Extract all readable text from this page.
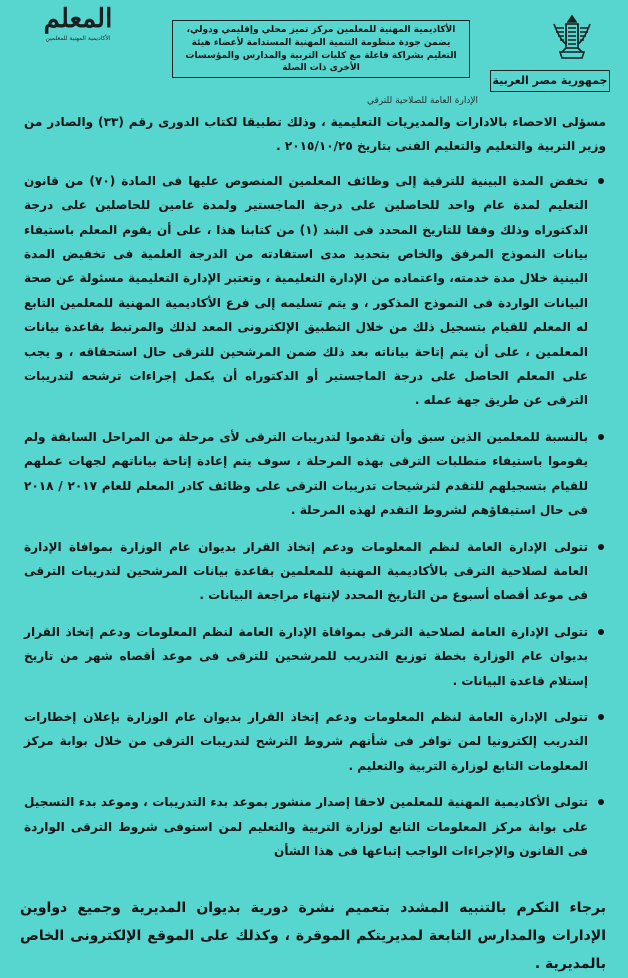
المعلم
الأكاديمية المهنية للمعلمين
الأكاديمية المهنية للمعلمين مركز تميز محلي وإقليمي ودولي، يضمن جودة منظومة التنمية المهنية المستدامة لأعضاء هيئة التعليم بشراكة فاعلة مع كليات التربية والمدارس والمؤسسات الأخرى ذات الصلة
جمهورية مصر العربية
الإدارة العامة للصلاحية للترقي

مسؤلى الاحصاء بالادارات والمديريات التعليمية ، وذلك تطبيقا لكتاب الدورى رقم (٣٣) والصادر من وزير التربية والتعليم والتعليم الفنى بتاريخ ٢٠١٥/١٠/٢٥ .

تخفض المدة البينية للترقية إلى وظائف المعلمين المنصوص عليها فى المادة (٧٠) من قانون التعليم لمدة عام واحد للحاصلين على درجة الماجستير ولمدة عامين للحاصلين على درجة الدكتوراه وذلك وفقا للتاريخ المحدد فى البند (١) من كتابنا هذا ، على أن يقوم المعلم باستيفاء بيانات النموذج المرفق والخاص بتحديد مدى استفادته من الدرجة العلمية فى تخفيض المدة البينية خلال مدة خدمته، واعتماده من الإدارة التعليمية ، وتعتبر الإدارة التعليمية مسئولة عن صحة البيانات الواردة فى النموذج المذكور ، و يتم تسليمه إلى فرع الأكاديمية المهنية للمعلمين التابع له المعلم للقيام بتسجيل ذلك من خلال التطبيق الإلكترونى المعد لذلك والمرتبط بقاعدة بيانات المعلمين ، على أن يتم إتاحة بياناته بعد ذلك ضمن المرشحين للترقى حال استحقاقه ، و يجب على المعلم الحاصل على درجة الماجستير أو الدكتوراه أن يكمل إجراءات ترشحه لتدريبات الترقى عن طريق جهة عمله .
بالنسبة للمعلمين الذين سبق وأن تقدموا لتدريبات الترقى لأى مرحلة من المراحل السابقة ولم يقوموا باستيفاء متطلبات الترقى بهذه المرحلة ، سوف يتم إعادة إتاحة بياناتهم لجهات عملهم للقيام بتسجيلهم للتقدم لترشيحات تدريبات الترقى على وظائف كادر المعلم للعام ٢٠١٧ / ٢٠١٨ فى حال استيفاؤهم لشروط التقدم لهذه المرحلة .
تتولى الإدارة العامة لنظم المعلومات ودعم إتخاذ القرار بديوان عام الوزارة بموافاة الإدارة العامة لصلاحية الترقى بالأكاديمية المهنية للمعلمين بقاعدة بيانات المرشحين لتدريبات الترقى فى موعد أقصاه أسبوع من التاريخ المحدد لإنتهاء مراجعة البيانات .
تتولى الإدارة العامة لصلاحية الترقى بموافاة الإدارة العامة لنظم المعلومات ودعم إتخاذ القرار بديوان عام الوزارة بخطة توزيع التدريب للمرشحين للترقى فى موعد أقصاه شهر من تاريخ إستلام قاعدة البيانات .
تتولى الإدارة العامة لنظم المعلومات ودعم إتخاذ القرار بديوان عام الوزارة بإعلان إخطارات التدريب إلكترونيا لمن توافر فى شأنهم شروط الترشح لتدريبات الترقى من خلال بوابة مركز المعلومات التابع لوزارة التربية والتعليم .
تتولى الأكاديمية المهنية للمعلمين لاحقا إصدار منشور بموعد بدء التدريبات ، وموعد بدء التسجيل على بوابة مركز المعلومات التابع لوزارة التربية والتعليم لمن استوفى شروط الترقى الواردة فى القانون والإجراءات الواجب إتباعها فى هذا الشأن

برجاء التكرم بالتنبيه المشدد بتعميم نشرة دورية بديوان المديرية وجميع دواوين الإدارات والمدارس التابعة لمديريتكم الموقرة ، وكذلك على الموقع الإلكترونى الخاص بالمديرية .
